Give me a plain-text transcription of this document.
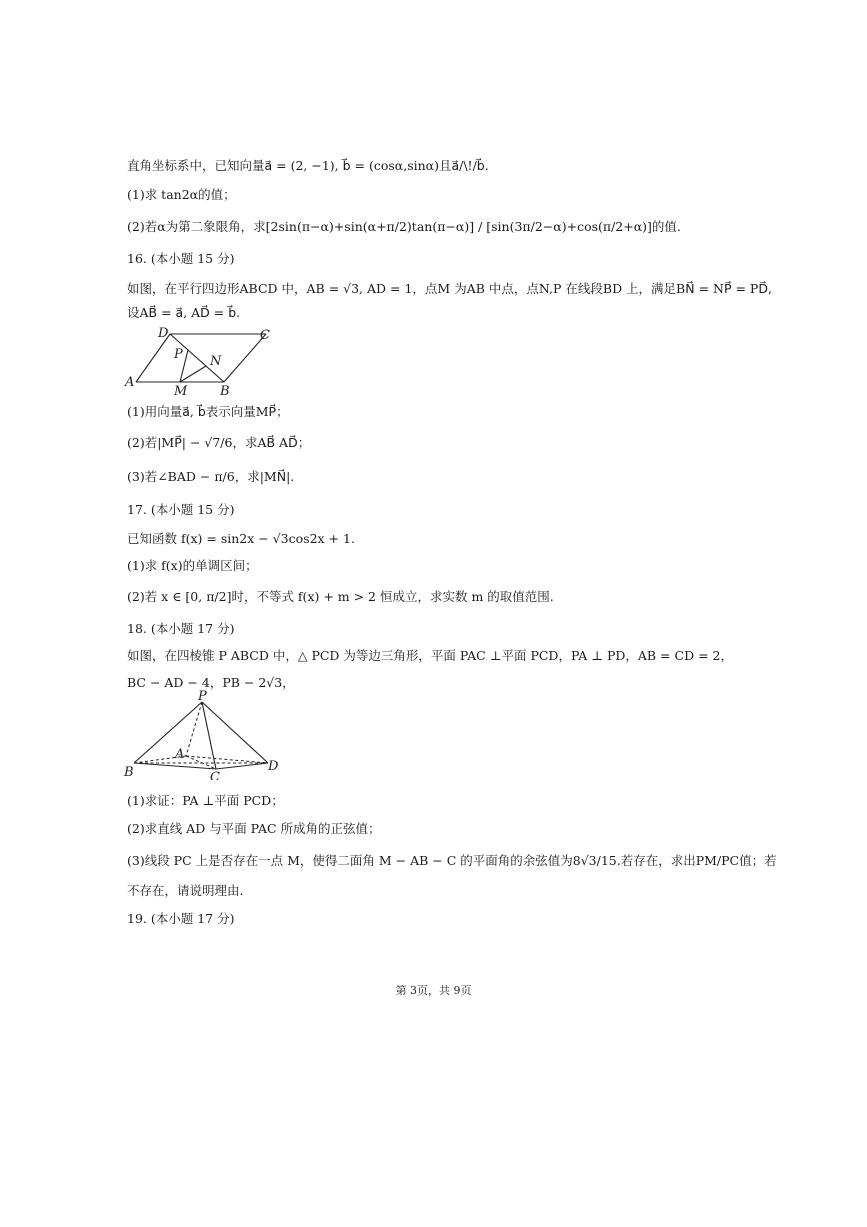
直角坐标系中，已知向量a⃗ = (2, −1), b⃗ = (cosα,sinα)且a⃗/\!/b⃗.
(1)求 tan2α的值；
(2)若α为第二象限角，求[2sin(π−α)+sin(α+π/2)tan(π−α)] / [sin(3π/2−α)+cos(π/2+α)]的值.
16. (本小题 15 分)
如图，在平行四边形ABCD 中，AB = √3, AD = 1，点M 为AB 中点，点N,P 在线段BD 上，满足BN⃗ = NP⃗ = PD⃗,
设AB⃗ = a⃗, AD⃗ = b⃗.
D	C
P N
A
M	B
(1)用向量a⃗, b⃗表示向量MP⃗；
(2)若|MP⃗| − √7/6，求AB⃗ AD⃗；
(3)若∠BAD − π/6，求|MN⃗|.
17. (本小题 15 分)
已知函数 f(x) = sin2x − √3cos2x + 1.
(1)求 f(x)的单调区间；
(2)若 x ∈ [0, π/2]时，不等式 f(x) + m > 2 恒成立，求实数 m 的取值范围.
18. (本小题 17 分)
如图，在四棱锥 P ABCD 中，△ PCD 为等边三角形，平面 PAC ⊥平面 PCD，PA ⊥ PD，AB = CD = 2，
BC − AD − 4，PB − 2√3，
P
A
B	C
D
(1)求证：PA ⊥平面 PCD；
(2)求直线 AD 与平面 PAC 所成角的正弦值；
(3)线段 PC 上是否存在一点 M，使得二面角 M − AB − C 的平面角的余弦值为8√3/15.若存在，求出PM/PC值；若
不存在，请说明理由.
19. (本小题 17 分)
第 3页，共 9页
